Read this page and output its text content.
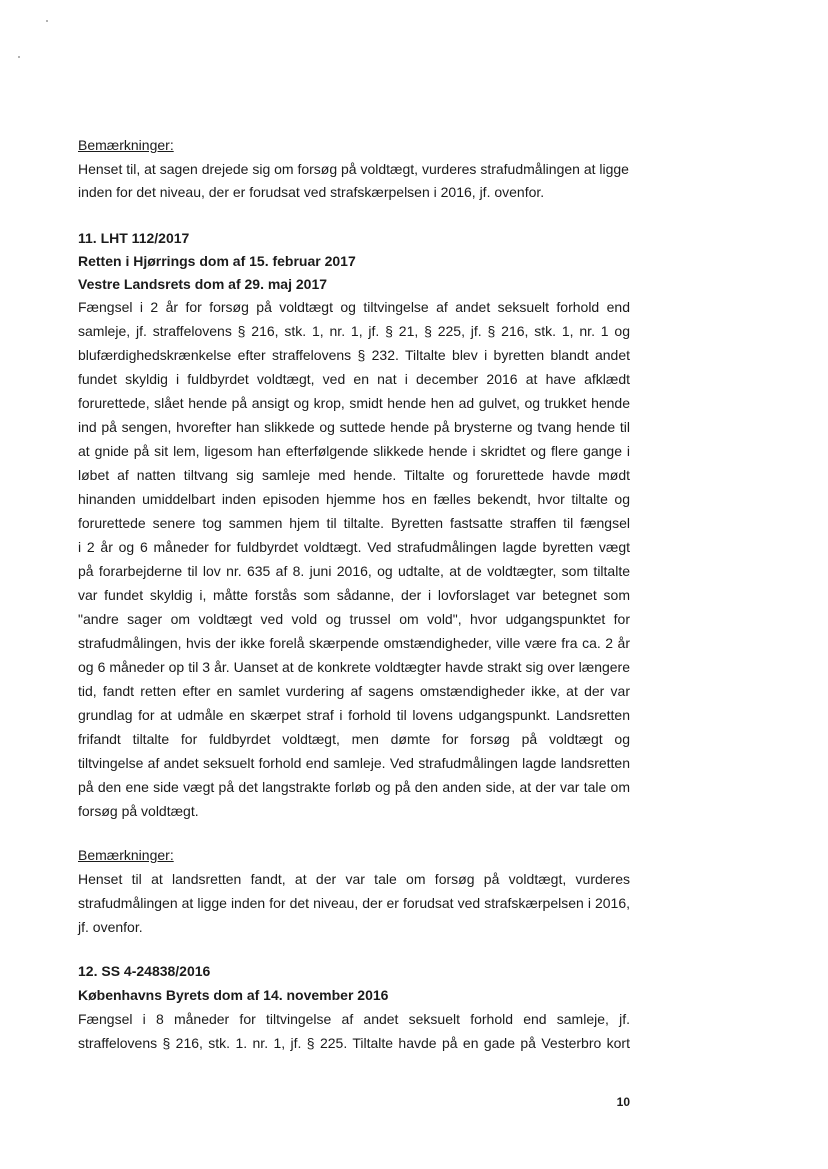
Bemærkninger:
Henset til, at sagen drejede sig om forsøg på voldtægt, vurderes strafudmålingen at ligge
inden for det niveau, der er forudsat ved strafskærpelsen i 2016, jf. ovenfor.
11. LHT 112/2017
Retten i Hjørrings dom af 15. februar 2017
Vestre Landsrets dom af 29. maj 2017
Fængsel i 2 år for forsøg på voldtægt og tiltvingelse af andet seksuelt forhold end
samleje, jf. straffelovens § 216, stk. 1, nr. 1, jf. § 21, § 225, jf. § 216, stk. 1, nr. 1 og
blufærdighedskrænkelse efter straffelovens § 232. Tiltalte blev i byretten blandt andet
fundet skyldig i fuldbyrdet voldtægt, ved en nat i december 2016 at have afklædt
forurettede, slået hende på ansigt og krop, smidt hende hen ad gulvet, og trukket hende
ind på sengen, hvorefter han slikkede og suttede hende på brysterne og tvang hende til
at gnide på sit lem, ligesom han efterfølgende slikkede hende i skridtet og flere gange i
løbet af natten tiltvang sig samleje med hende. Tiltalte og forurettede havde mødt
hinanden umiddelbart inden episoden hjemme hos en fælles bekendt, hvor tiltalte og
forurettede senere tog sammen hjem til tiltalte. Byretten fastsatte straffen til fængsel
i 2 år og 6 måneder for fuldbyrdet voldtægt. Ved strafudmålingen lagde byretten vægt
på forarbejderne til lov nr. 635 af 8. juni 2016, og udtalte, at de voldtægter, som tiltalte
var fundet skyldig i, måtte forstås som sådanne, der i lovforslaget var betegnet som
"andre sager om voldtægt ved vold og trussel om vold", hvor udgangspunktet for
strafudmålingen, hvis der ikke forelå skærpende omstændigheder, ville være fra ca. 2 år
og 6 måneder op til 3 år. Uanset at de konkrete voldtægter havde strakt sig over længere
tid, fandt retten efter en samlet vurdering af sagens omstændigheder ikke, at der var
grundlag for at udmåle en skærpet straf i forhold til lovens udgangspunkt. Landsretten
frifandt tiltalte for fuldbyrdet voldtægt, men dømte for forsøg på voldtægt og
tiltvingelse af andet seksuelt forhold end samleje. Ved strafudmålingen lagde landsretten
på den ene side vægt på det langstrakte forløb og på den anden side, at der var tale om
forsøg på voldtægt.
Bemærkninger:
Henset til at landsretten fandt, at der var tale om forsøg på voldtægt, vurderes
strafudmålingen at ligge inden for det niveau, der er forudsat ved strafskærpelsen i 2016,
jf. ovenfor.
12. SS 4-24838/2016
Københavns Byrets dom af 14. november 2016
Fængsel i 8 måneder for tiltvingelse af andet seksuelt forhold end samleje, jf.
straffelovens § 216, stk. 1. nr. 1, jf. § 225. Tiltalte havde på en gade på Vesterbro kort
10
